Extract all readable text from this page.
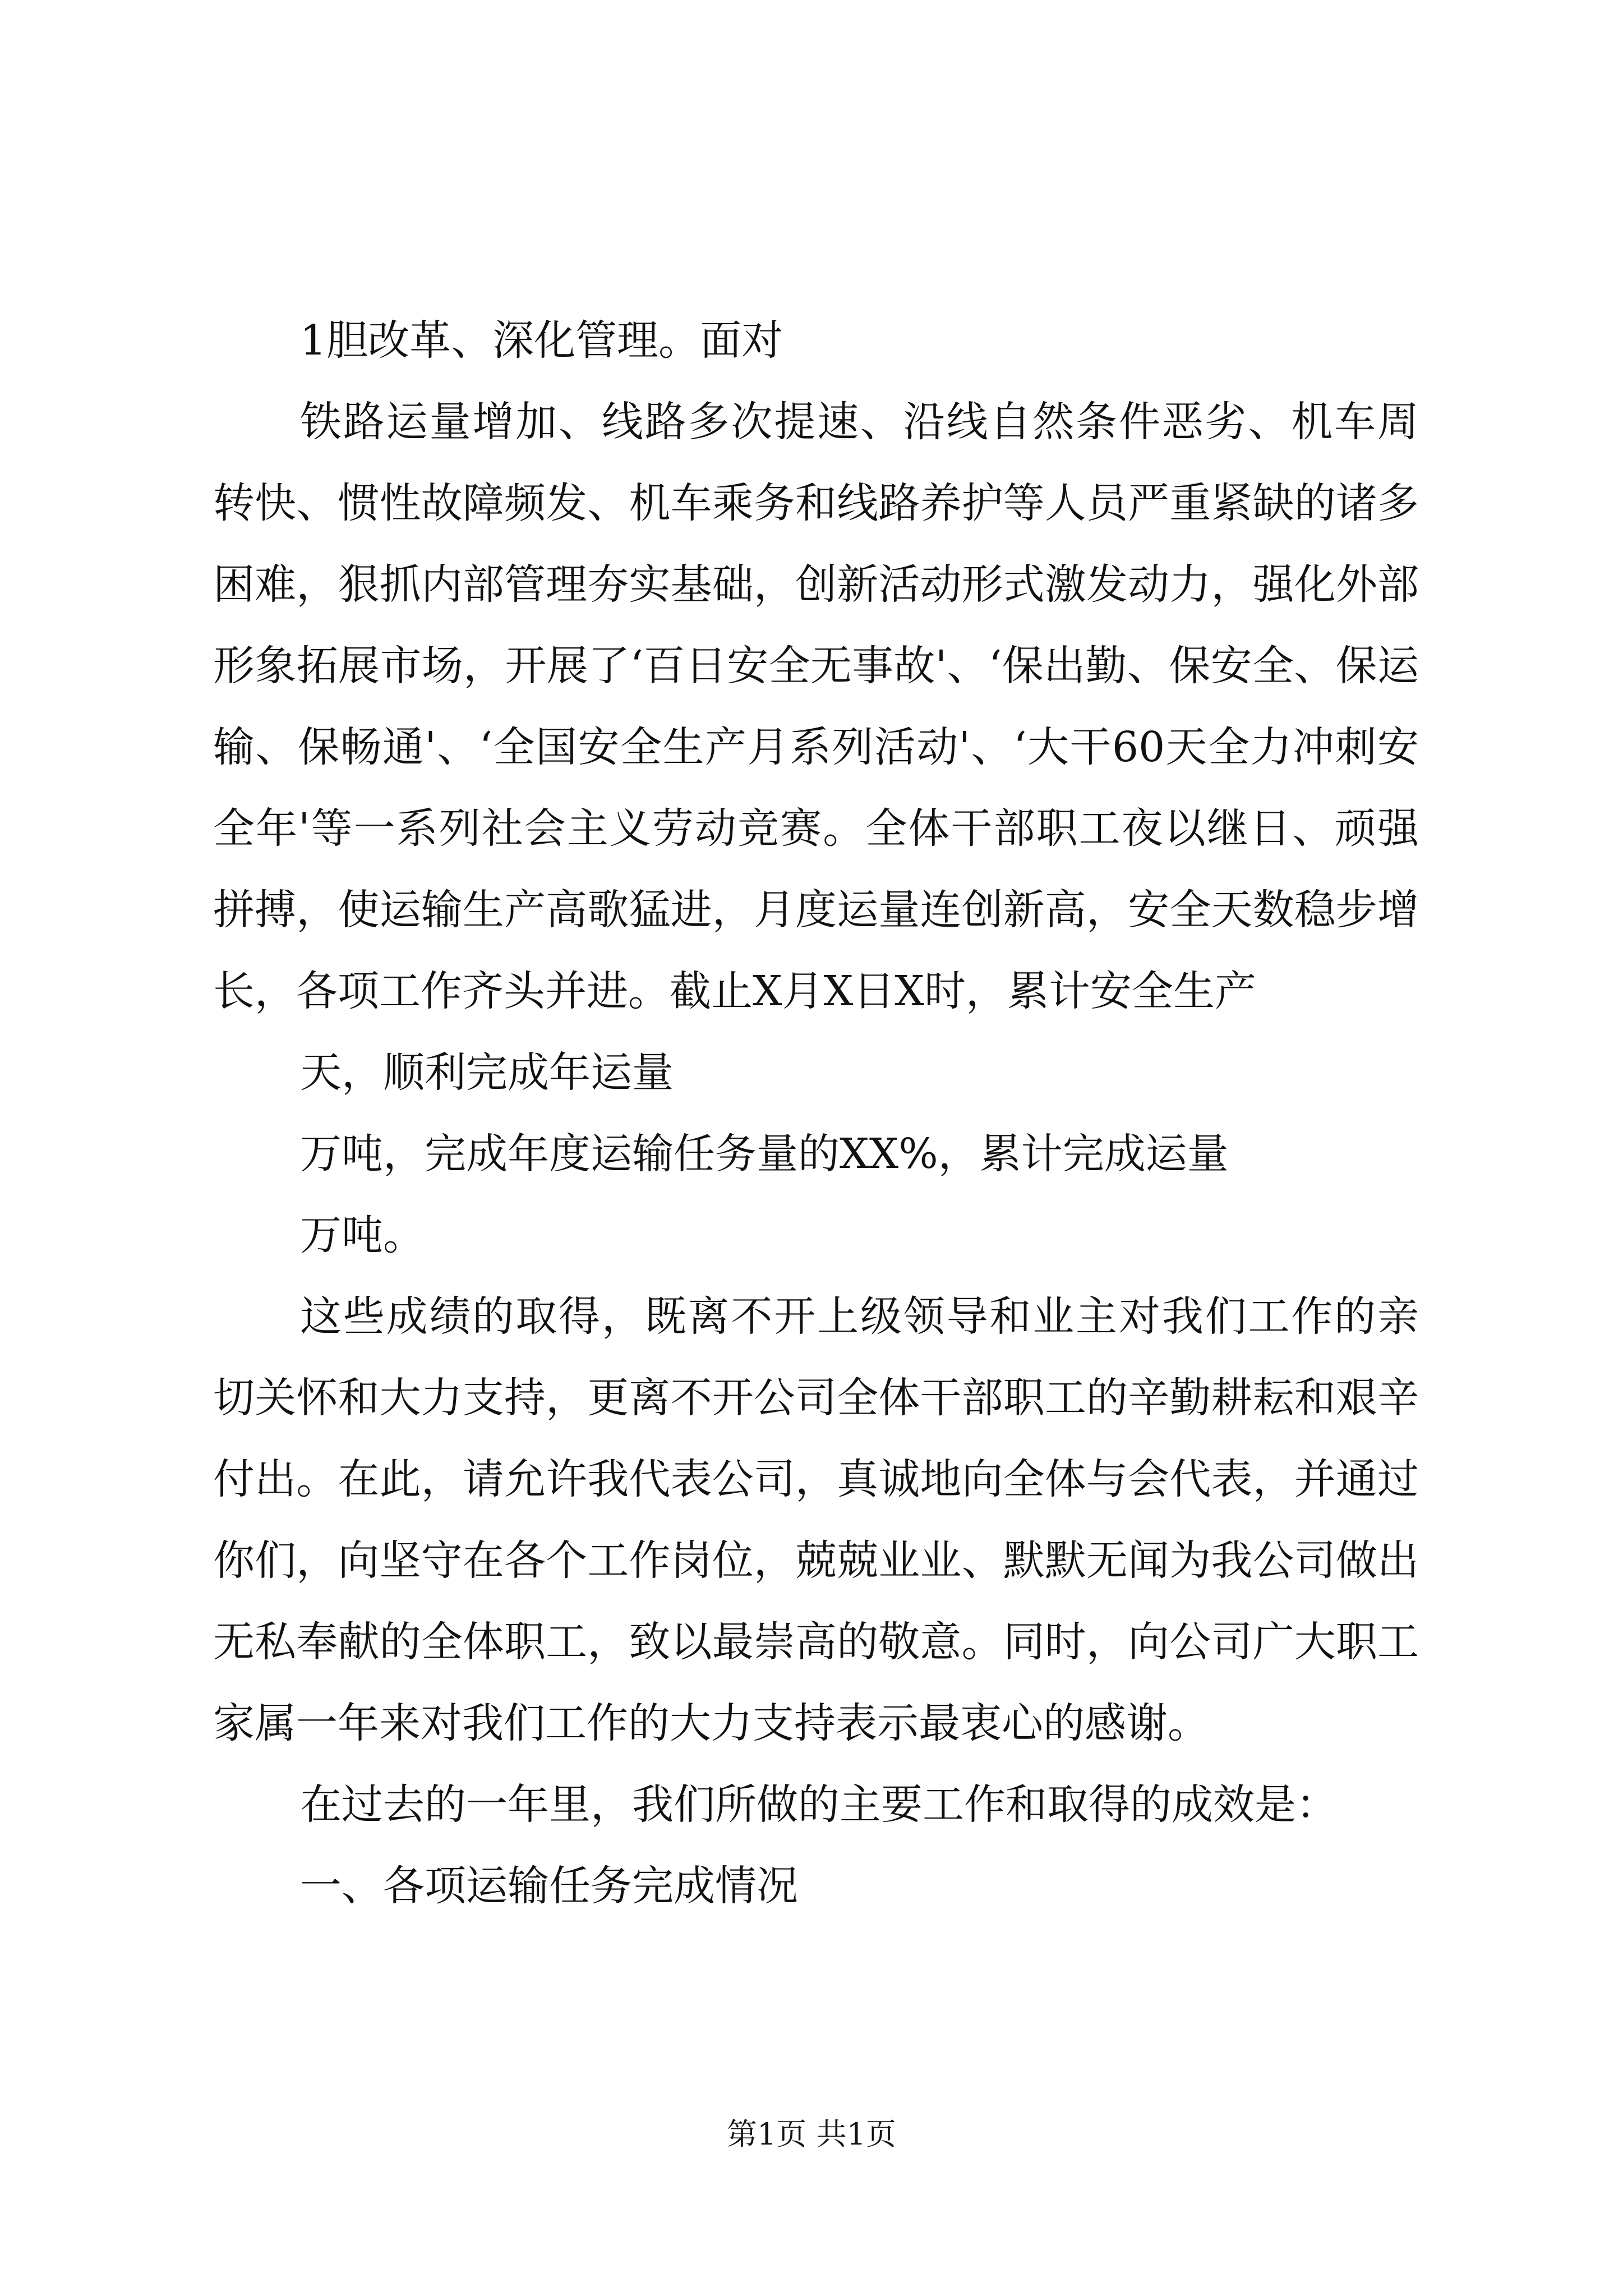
1胆改革、深化管理。面对

铁路运量增加、线路多次提速、沿线自然条件恶劣、机车周转快、惯性故障频发、机车乘务和线路养护等人员严重紧缺的诸多困难，狠抓内部管理夯实基础，创新活动形式激发动力，强化外部形象拓展市场，开展了‘百日安全无事故'、‘保出勤、保安全、保运输、保畅通'、‘全国安全生产月系列活动'、‘大干60天全力冲刺安全年'等一系列社会主义劳动竞赛。全体干部职工夜以继日、顽强拼搏，使运输生产高歌猛进，月度运量连创新高，安全天数稳步增长，各项工作齐头并进。截止X月X日X时，累计安全生产

天，顺利完成年运量

万吨，完成年度运输任务量的XX%，累计完成运量

万吨。

这些成绩的取得，既离不开上级领导和业主对我们工作的亲切关怀和大力支持，更离不开公司全体干部职工的辛勤耕耘和艰辛付出。在此，请允许我代表公司，真诚地向全体与会代表，并通过你们，向坚守在各个工作岗位，兢兢业业、默默无闻为我公司做出无私奉献的全体职工，致以最崇高的敬意。同时，向公司广大职工家属一年来对我们工作的大力支持表示最衷心的感谢。

在过去的一年里，我们所做的主要工作和取得的成效是：

一、各项运输任务完成情况

第1页 共1页
